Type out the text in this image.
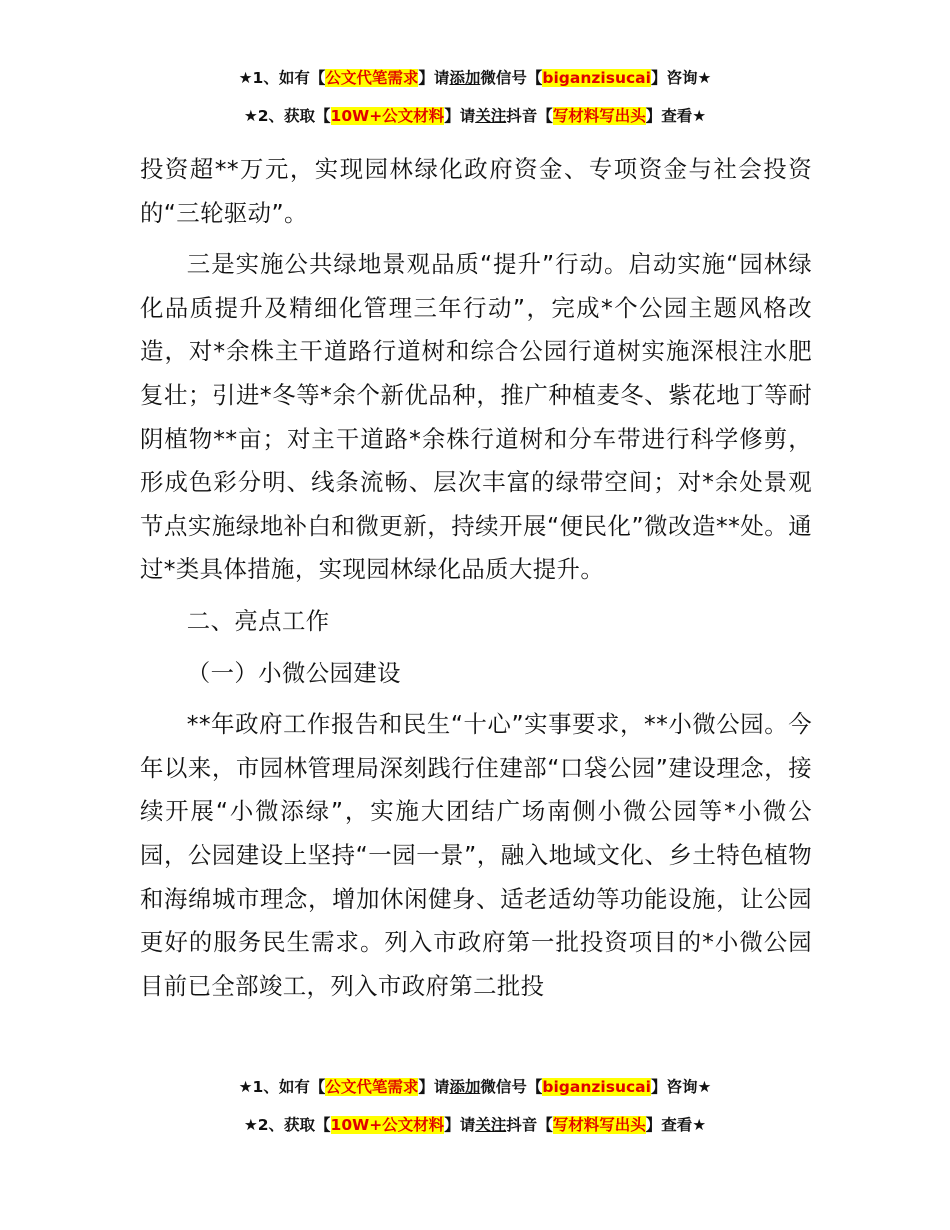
★1、如有【公文代笔需求】请添加微信号【biganzisucai】咨询★
★2、获取【10W+公文材料】请关注抖音【写材料写出头】查看★

投资超**万元，实现园林绿化政府资金、专项资金与社会投资的“三轮驱动”。

三是实施公共绿地景观品质“提升”行动。启动实施“园林绿化品质提升及精细化管理三年行动”，完成*个公园主题风格改造，对*余株主干道路行道树和综合公园行道树实施深根注水肥复壮；引进*冬等*余个新优品种，推广种植麦冬、紫花地丁等耐阴植物**亩；对主干道路*余株行道树和分车带进行科学修剪，形成色彩分明、线条流畅、层次丰富的绿带空间；对*余处景观节点实施绿地补白和微更新，持续开展“便民化”微改造**处。通过*类具体措施，实现园林绿化品质大提升。

二、亮点工作

（一）小微公园建设

**年政府工作报告和民生“十心”实事要求，**小微公园。今年以来，市园林管理局深刻践行住建部“口袋公园”建设理念，接续开展“小微添绿”，实施大团结广场南侧小微公园等*小微公园，公园建设上坚持“一园一景”，融入地域文化、乡土特色植物和海绵城市理念，增加休闲健身、适老适幼等功能设施，让公园更好的服务民生需求。列入市政府第一批投资项目的*小微公园目前已全部竣工，列入市政府第二批投

★1、如有【公文代笔需求】请添加微信号【biganzisucai】咨询★
★2、获取【10W+公文材料】请关注抖音【写材料写出头】查看★
